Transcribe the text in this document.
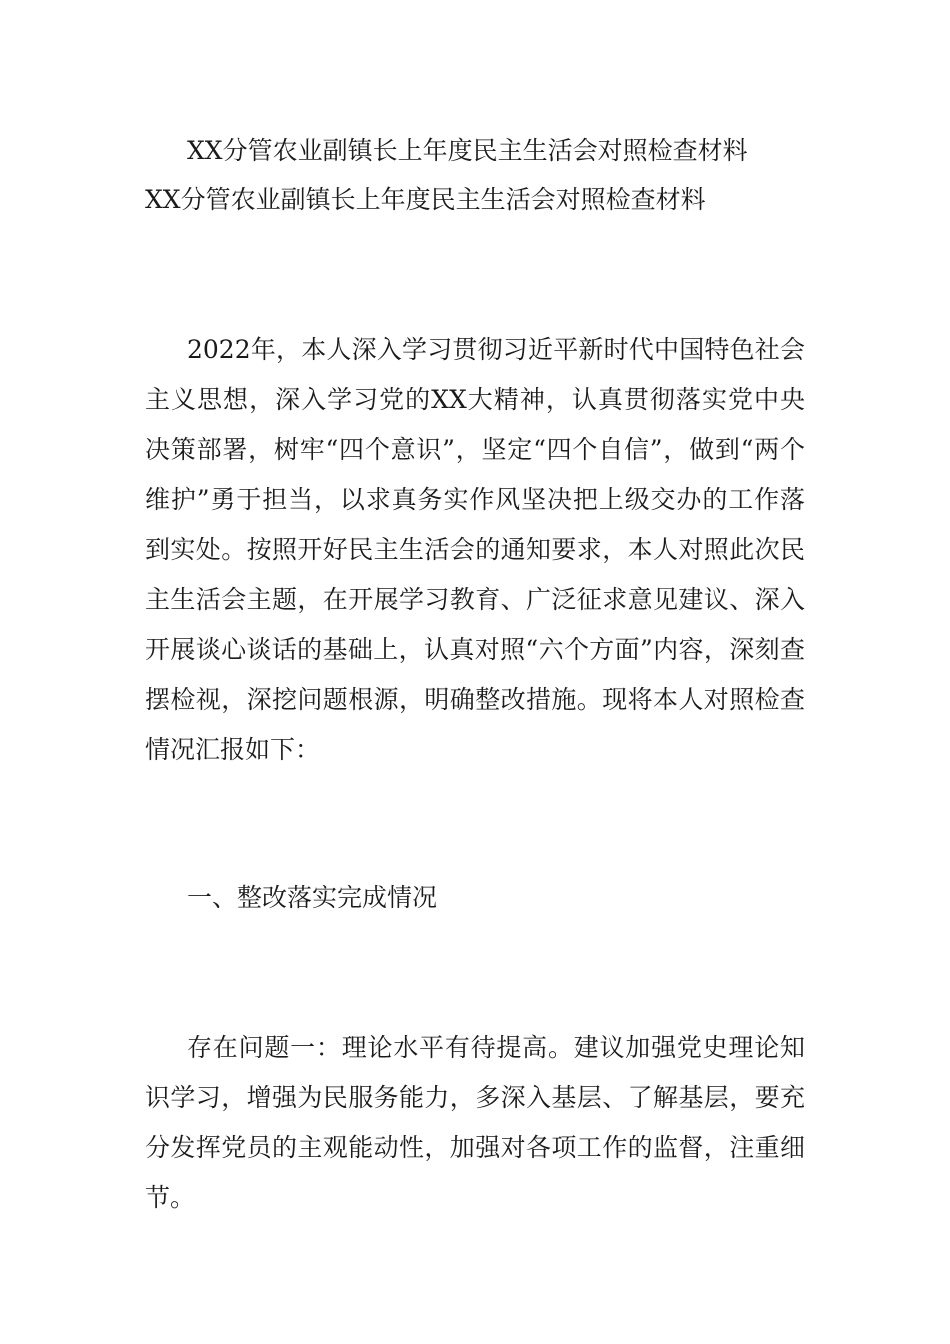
XX分管农业副镇长上年度民主生活会对照检查材料
XX分管农业副镇长上年度民主生活会对照检查材料

2022年，本人深入学习贯彻习近平新时代中国特色社会主义思想，深入学习党的XX大精神，认真贯彻落实党中央决策部署，树牢“四个意识”，坚定“四个自信”，做到“两个维护”勇于担当，以求真务实作风坚决把上级交办的工作落到实处。按照开好民主生活会的通知要求，本人对照此次民主生活会主题，在开展学习教育、广泛征求意见建议、深入开展谈心谈话的基础上，认真对照“六个方面”内容，深刻查摆检视，深挖问题根源，明确整改措施。现将本人对照检查情况汇报如下：

一、整改落实完成情况

存在问题一：理论水平有待提高。建议加强党史理论知识学习，增强为民服务能力，多深入基层、了解基层，要充分发挥党员的主观能动性，加强对各项工作的监督，注重细节。
